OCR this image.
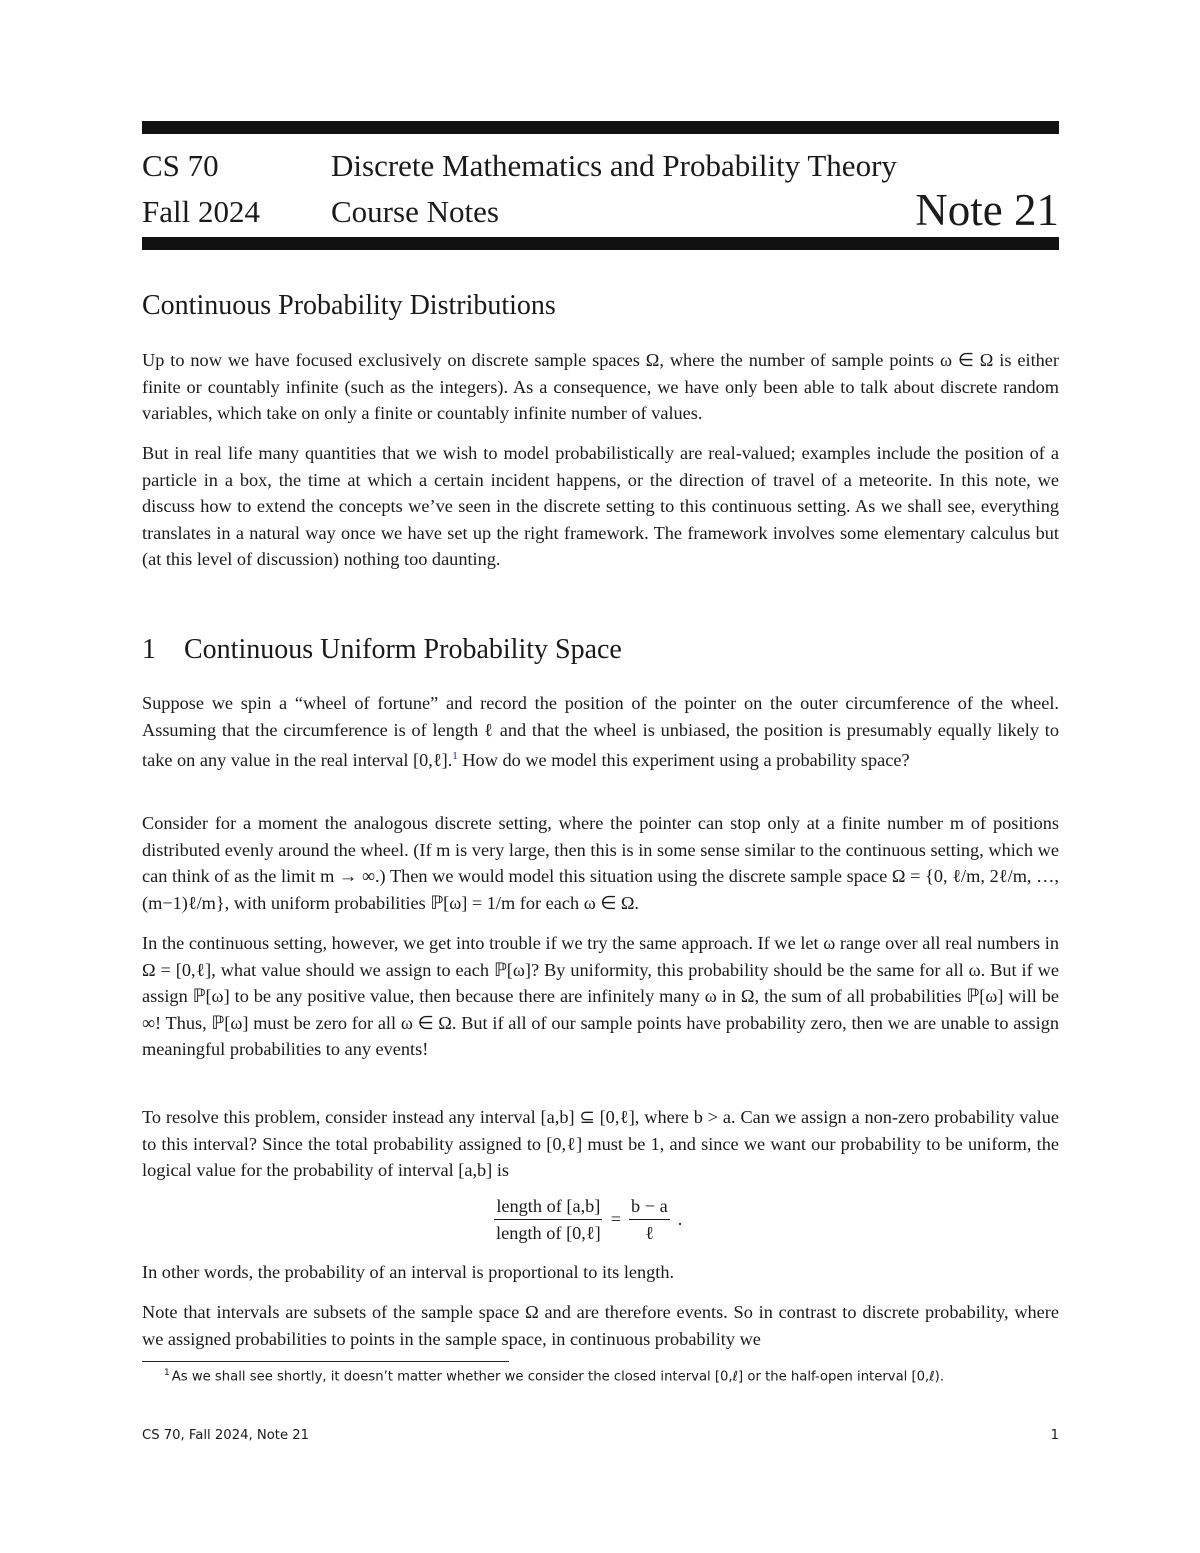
CS 70
Fall 2024
Discrete Mathematics and Probability Theory
Course Notes	Note 21
Continuous Probability Distributions

Up to now we have focused exclusively on discrete sample spaces Ω, where the number of sample points ω ∈ Ω is either finite or countably infinite (such as the integers). As a consequence, we have only been able to talk about discrete random variables, which take on only a finite or countably infinite number of values.

But in real life many quantities that we wish to model probabilistically are real-valued; examples include the position of a particle in a box, the time at which a certain incident happens, or the direction of travel of a meteorite. In this note, we discuss how to extend the concepts we’ve seen in the discrete setting to this continuous setting. As we shall see, everything translates in a natural way once we have set up the right framework. The framework involves some elementary calculus but (at this level of discussion) nothing too daunting.

1 Continuous Uniform Probability Space

Suppose we spin a “wheel of fortune” and record the position of the pointer on the outer circumference of the wheel. Assuming that the circumference is of length ℓ and that the wheel is unbiased, the position is presumably equally likely to take on any value in the real interval [0,ℓ].$^1$ How do we model this experiment using a probability space?

Consider for a moment the analogous discrete setting, where the pointer can stop only at a finite number m of positions distributed evenly around the wheel. (If m is very large, then this is in some sense similar to the continuous setting, which we can think of as the limit m → ∞.) Then we would model this situation using the discrete sample space Ω = {0, ℓ/m, 2ℓ/m, …, (m−1)ℓ/m}, with uniform probabilities ℙ[ω] = 1/m for each ω ∈ Ω.

In the continuous setting, however, we get into trouble if we try the same approach. If we let ω range over all real numbers in Ω = [0,ℓ], what value should we assign to each ℙ[ω]? By uniformity, this probability should be the same for all ω. But if we assign ℙ[ω] to be any positive value, then because there are infinitely many ω in Ω, the sum of all probabilities ℙ[ω] will be ∞! Thus, ℙ[ω] must be zero for all ω ∈ Ω. But if all of our sample points have probability zero, then we are unable to assign meaningful probabilities to any events!

To resolve this problem, consider instead any interval [a,b] ⊆ [0,ℓ], where b > a. Can we assign a non-zero probability value to this interval? Since the total probability assigned to [0,ℓ] must be 1, and since we want our probability to be uniform, the logical value for the probability of interval [a,b] is

$\frac{\text{length of [a,b]}}{\text{length of [0,ℓ]}} = \frac{b - a}{\text{ℓ}}$ .

In other words, the probability of an interval is proportional to its length.

Note that intervals are subsets of the sample space Ω and are therefore events. So in contrast to discrete probability, where we assigned probabilities to points in the sample space, in continuous probability we

$^1$ As we shall see shortly, it doesn’t matter whether we consider the closed interval [0,ℓ] or the half-open interval [0,ℓ).
CS 70, Fall 2024, Note 21	1
